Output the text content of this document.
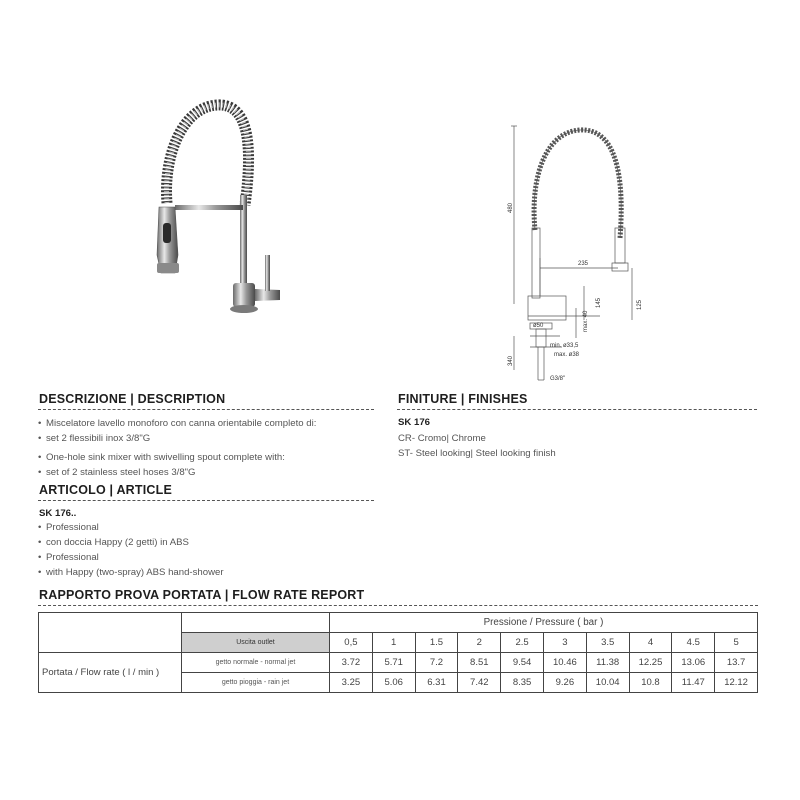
480
235
125
145
max. 40
ø50
min. ø33,5
max. ø38
340
G3/8"
DESCRIZIONE | DESCRIPTION
• Miscelatore lavello monoforo con canna orientabile completo di:
• set 2 flessibili inox 3/8"G
• One-hole sink mixer with swivelling spout complete with:
• set of 2 stainless steel hoses 3/8"G
FINITURE | FINISHES
SK 176
CR- Cromo| Chrome
ST- Steel looking| Steel looking finish
ARTICOLO | ARTICLE
SK 176..
• Professional
• con doccia Happy (2 getti) in ABS
• Professional
• with Happy (two-spray) ABS hand-shower
RAPPORTO PROVA PORTATA | FLOW RATE REPORT
		Pressione / Pressure ( bar )									
	Uscita outlet	0,5	1	1.5	2	2.5	3	3.5	4	4.5	5
Portata / Flow rate ( l / min )	getto normale - normal jet	3.72	5.71	7.2	8.51	9.54	10.46	11.38	12.25	13.06	13.7
	getto pioggia - rain jet	3.25	5.06	6.31	7.42	8.35	9.26	10.04	10.8	11.47	12.12
